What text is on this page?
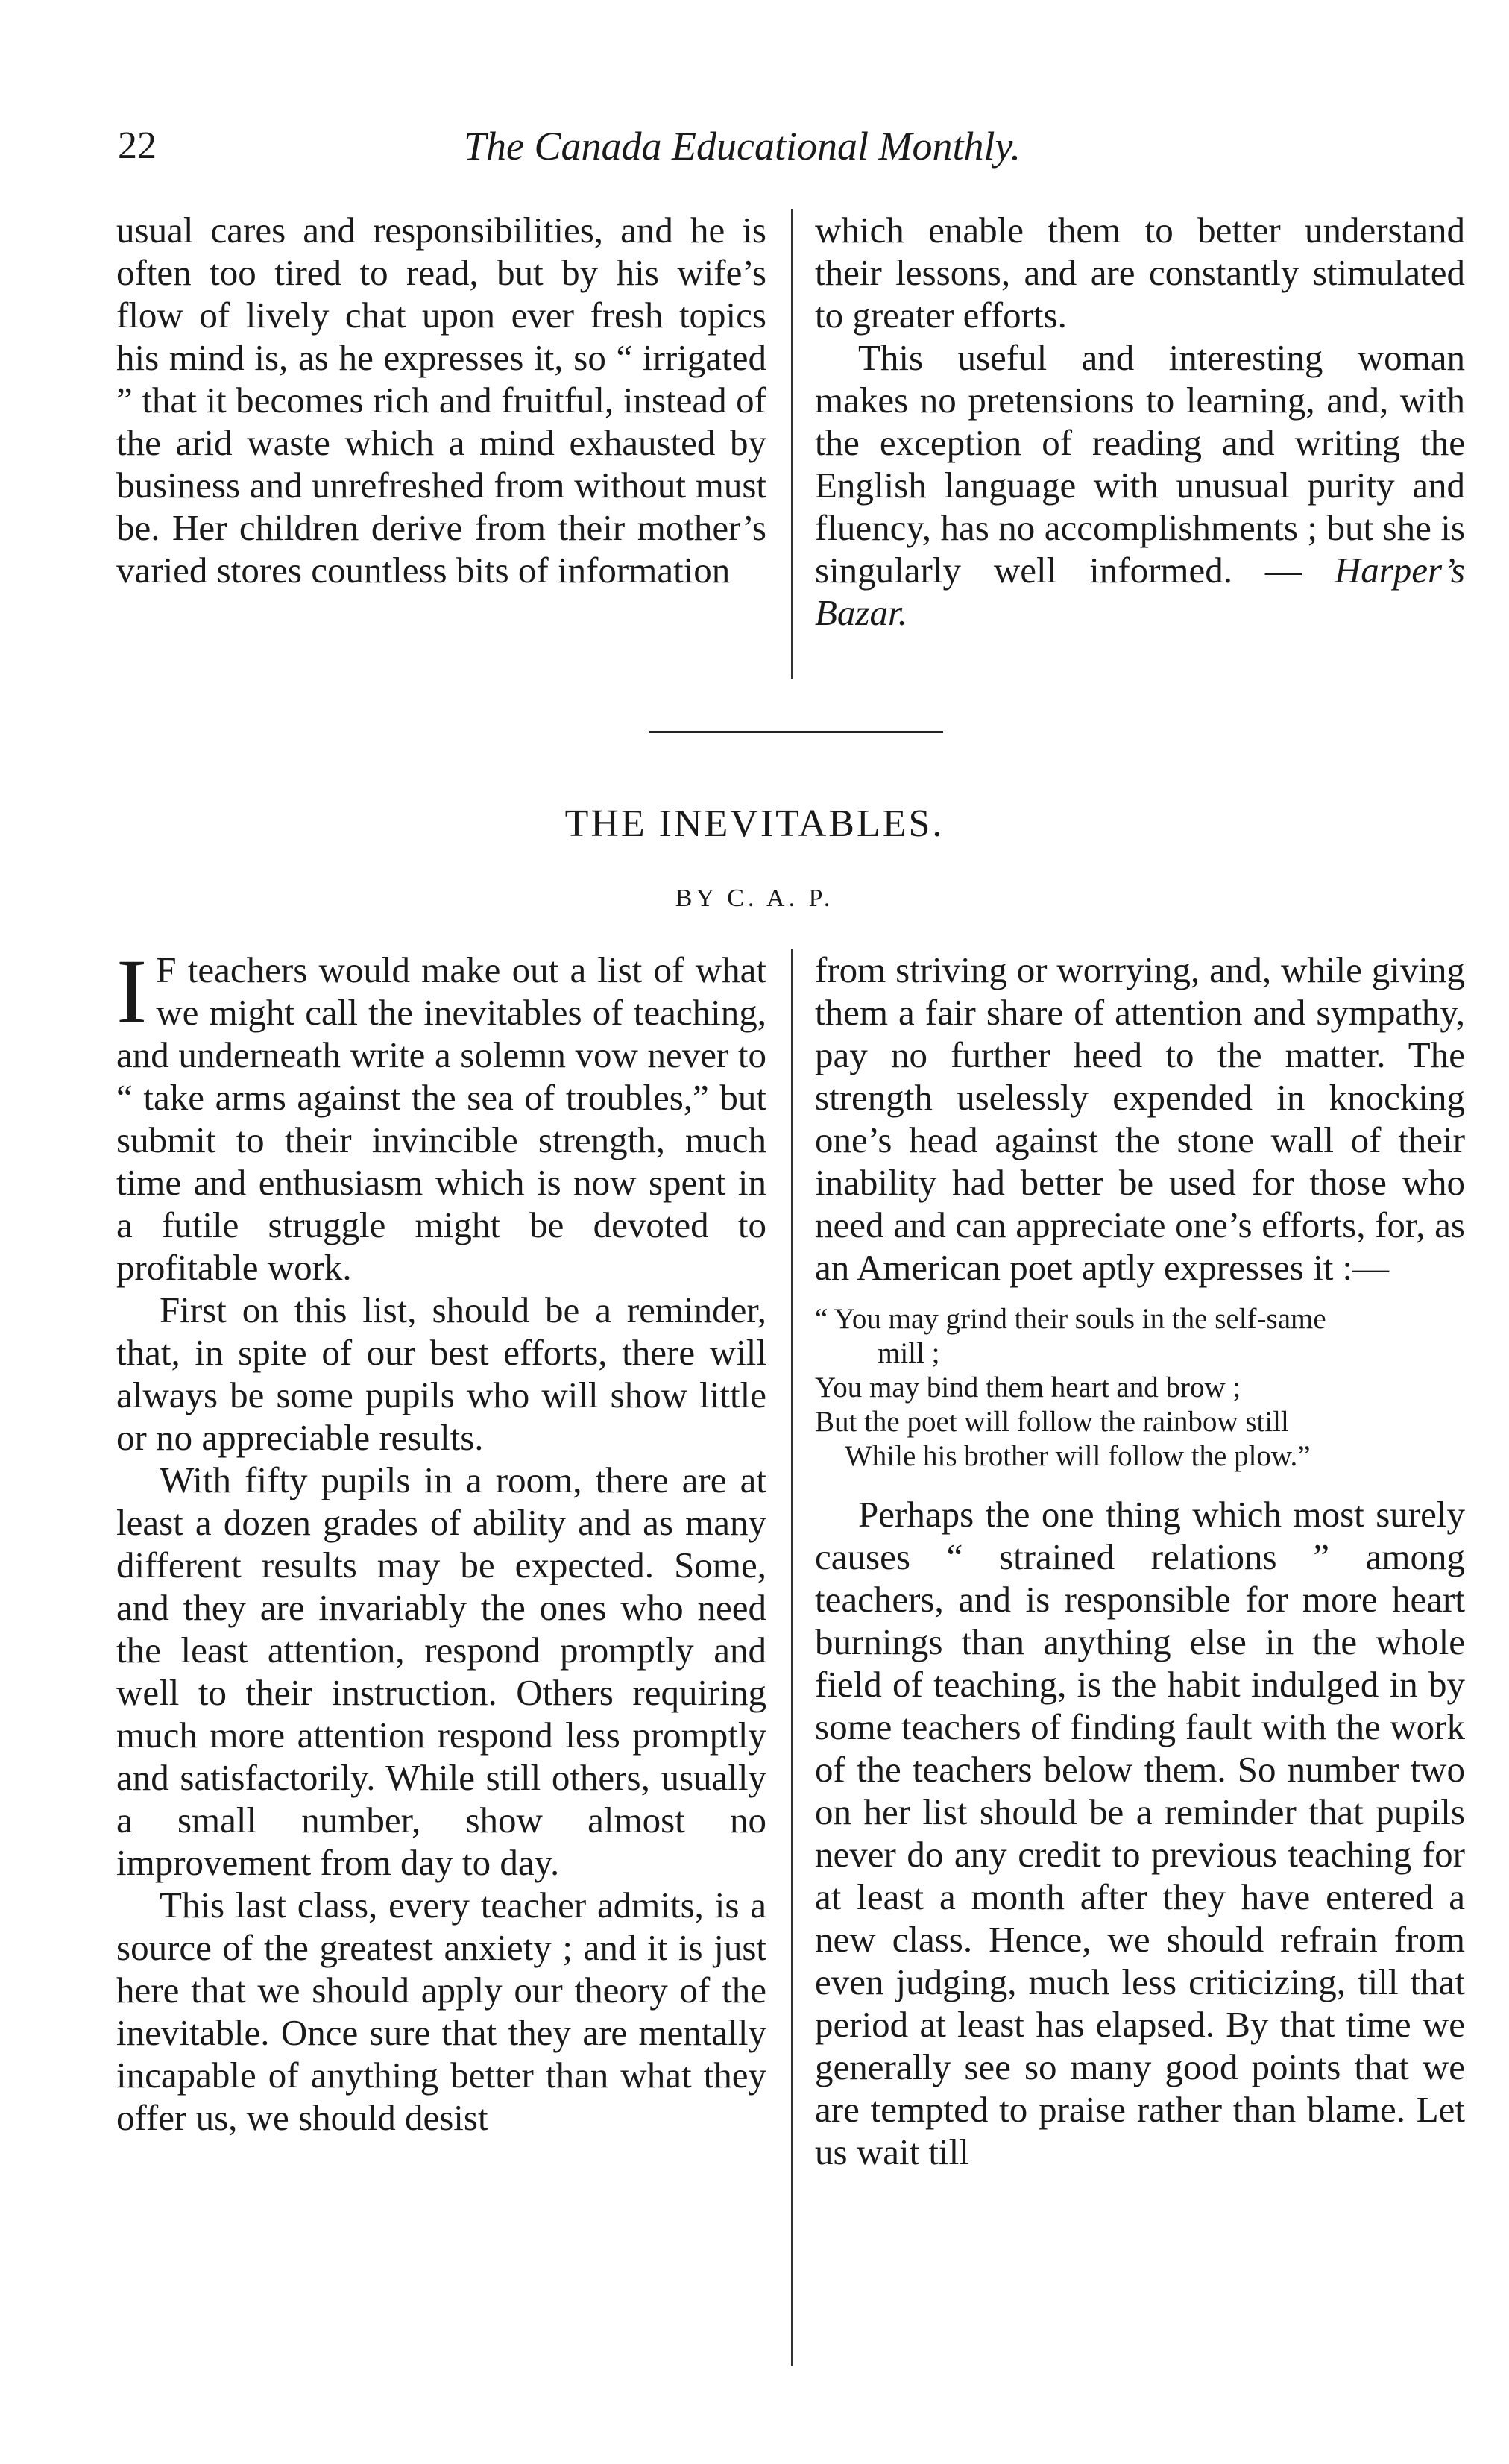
22	The Canada Educational Monthly.

usual cares and responsibilities, and he is often too tired to read, but by his wife’s flow of lively chat upon ever fresh topics his mind is, as he expresses it, so “ irrigated ” that it becomes rich and fruitful, instead of the arid waste which a mind exhausted by business and unrefreshed from without must be. Her children derive from their mother’s varied stores countless bits of information

which enable them to better understand their lessons, and are constantly stimulated to greater efforts.

This useful and interesting woman makes no pretensions to learning, and, with the exception of reading and writing the English language with unusual purity and fluency, has no accomplishments ; but she is singularly well informed. — Harper’s Bazar.

THE INEVITABLES.
BY C. A. P.

I F teachers would make out a list of what we might call the inevitables of teaching, and underneath write a solemn vow never to “ take arms against the sea of troubles,” but submit to their invincible strength, much time and enthusiasm which is now spent in a futile struggle might be devoted to profitable work.

First on this list, should be a reminder, that, in spite of our best efforts, there will always be some pupils who will show little or no appreciable results.

With fifty pupils in a room, there are at least a dozen grades of ability and as many different results may be expected. Some, and they are invariably the ones who need the least attention, respond promptly and well to their instruction. Others requiring much more attention respond less promptly and satisfactorily. While still others, usually a small number, show almost no improvement from day to day.

This last class, every teacher admits, is a source of the greatest anxiety ; and it is just here that we should apply our theory of the inevitable. Once sure that they are mentally incapable of anything better than what they offer us, we should desist

from striving or worrying, and, while giving them a fair share of attention and sympathy, pay no further heed to the matter. The strength uselessly expended in knocking one’s head against the stone wall of their inability had better be used for those who need and can appreciate one’s efforts, for, as an American poet aptly expresses it :—

“ You may grind their souls in the self-same
mill ;
You may bind them heart and brow ;
But the poet will follow the rainbow still
While his brother will follow the plow.”

Perhaps the one thing which most surely causes “ strained relations ” among teachers, and is responsible for more heart burnings than anything else in the whole field of teaching, is the habit indulged in by some teachers of finding fault with the work of the teachers below them. So number two on her list should be a reminder that pupils never do any credit to previous teaching for at least a month after they have entered a new class. Hence, we should refrain from even judging, much less criticizing, till that period at least has elapsed. By that time we generally see so many good points that we are tempted to praise rather than blame. Let us wait till
